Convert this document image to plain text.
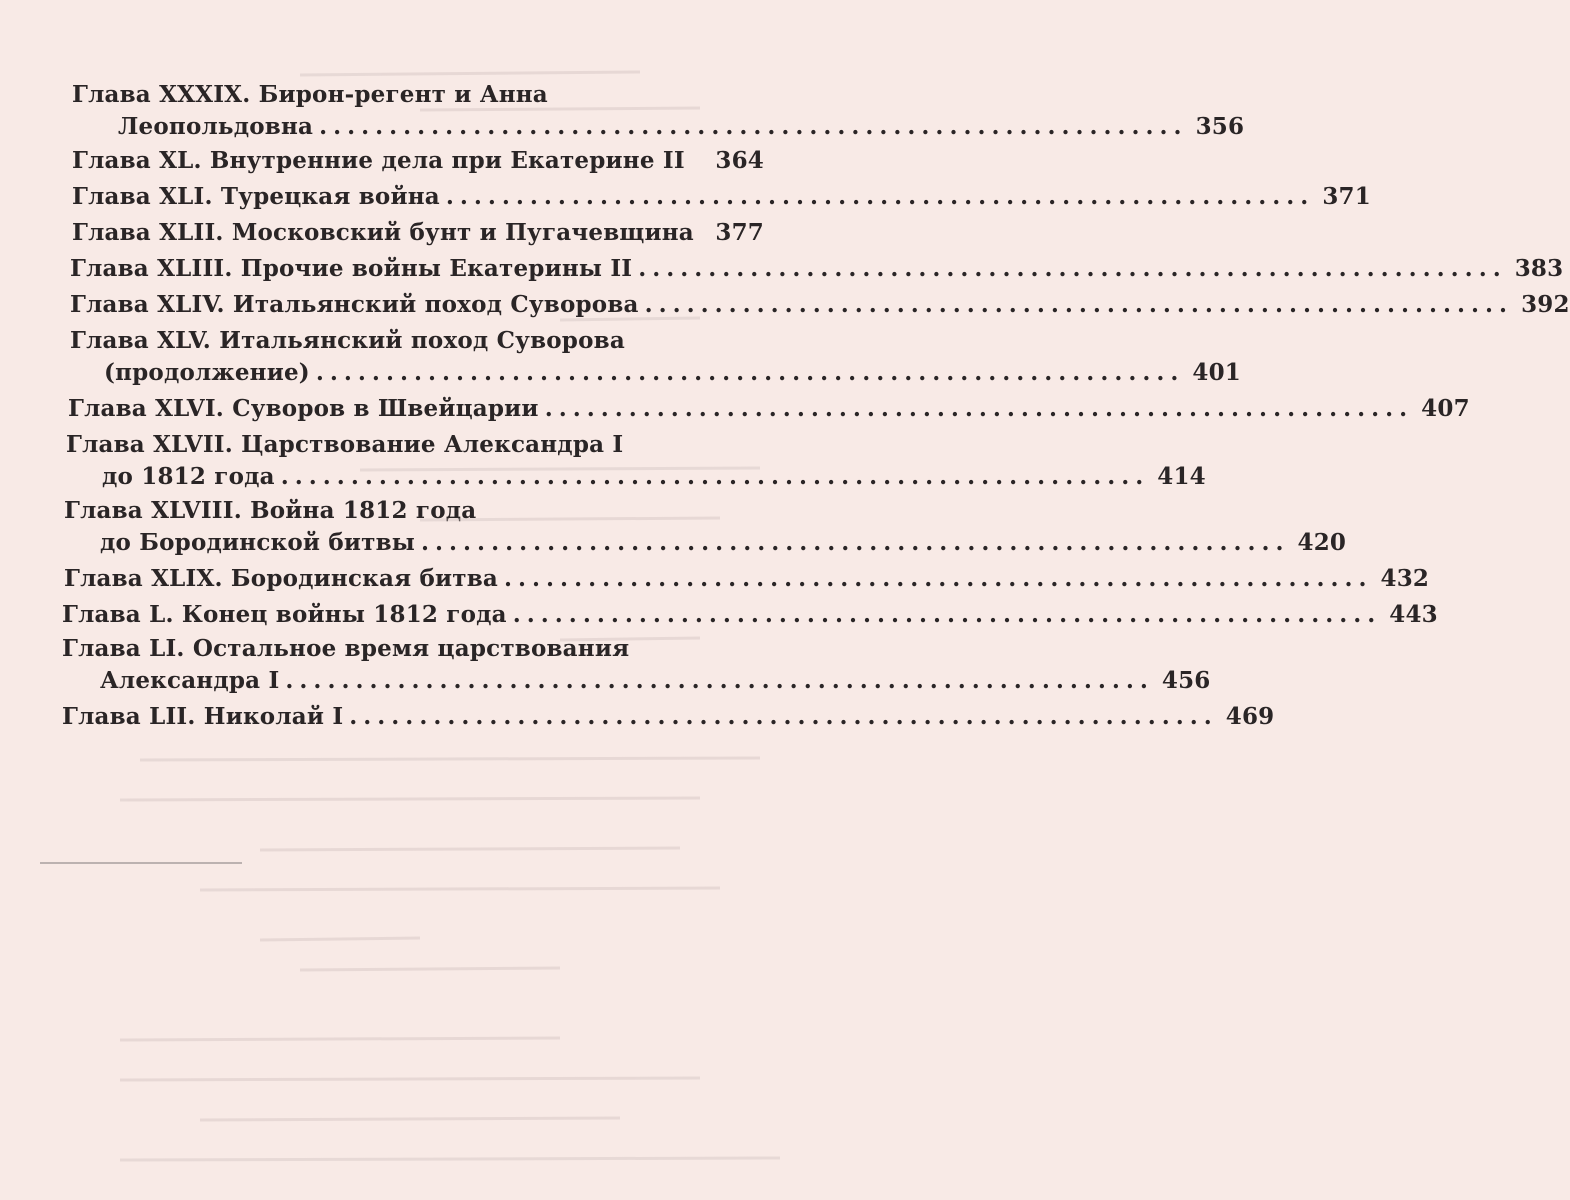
Глава XXXIX. Бирон-регент и Анна
Леопольдовна .............................................................. 356
Глава XL. Внутренние дела при Екатерине II 364
Глава XLI. Турецкая война .............................................................. 371
Глава XLII. Московский бунт и Пугачевщина 377
Глава XLIII. Прочие войны Екатерины II .............................................................. 383
Глава XLIV. Итальянский поход Суворова .............................................................. 392
Глава XLV. Итальянский поход Суворова
(продолжение) .............................................................. 401
Глава XLVI. Суворов в Швейцарии .............................................................. 407
Глава XLVII. Царствование Александра I
до 1812 года .............................................................. 414
Глава XLVIII. Война 1812 года
до Бородинской битвы .............................................................. 420
Глава XLIX. Бородинская битва .............................................................. 432
Глава L. Конец войны 1812 года .............................................................. 443
Глава LI. Остальное время царствования
Александра I .............................................................. 456
Глава LII. Николай I .............................................................. 469
